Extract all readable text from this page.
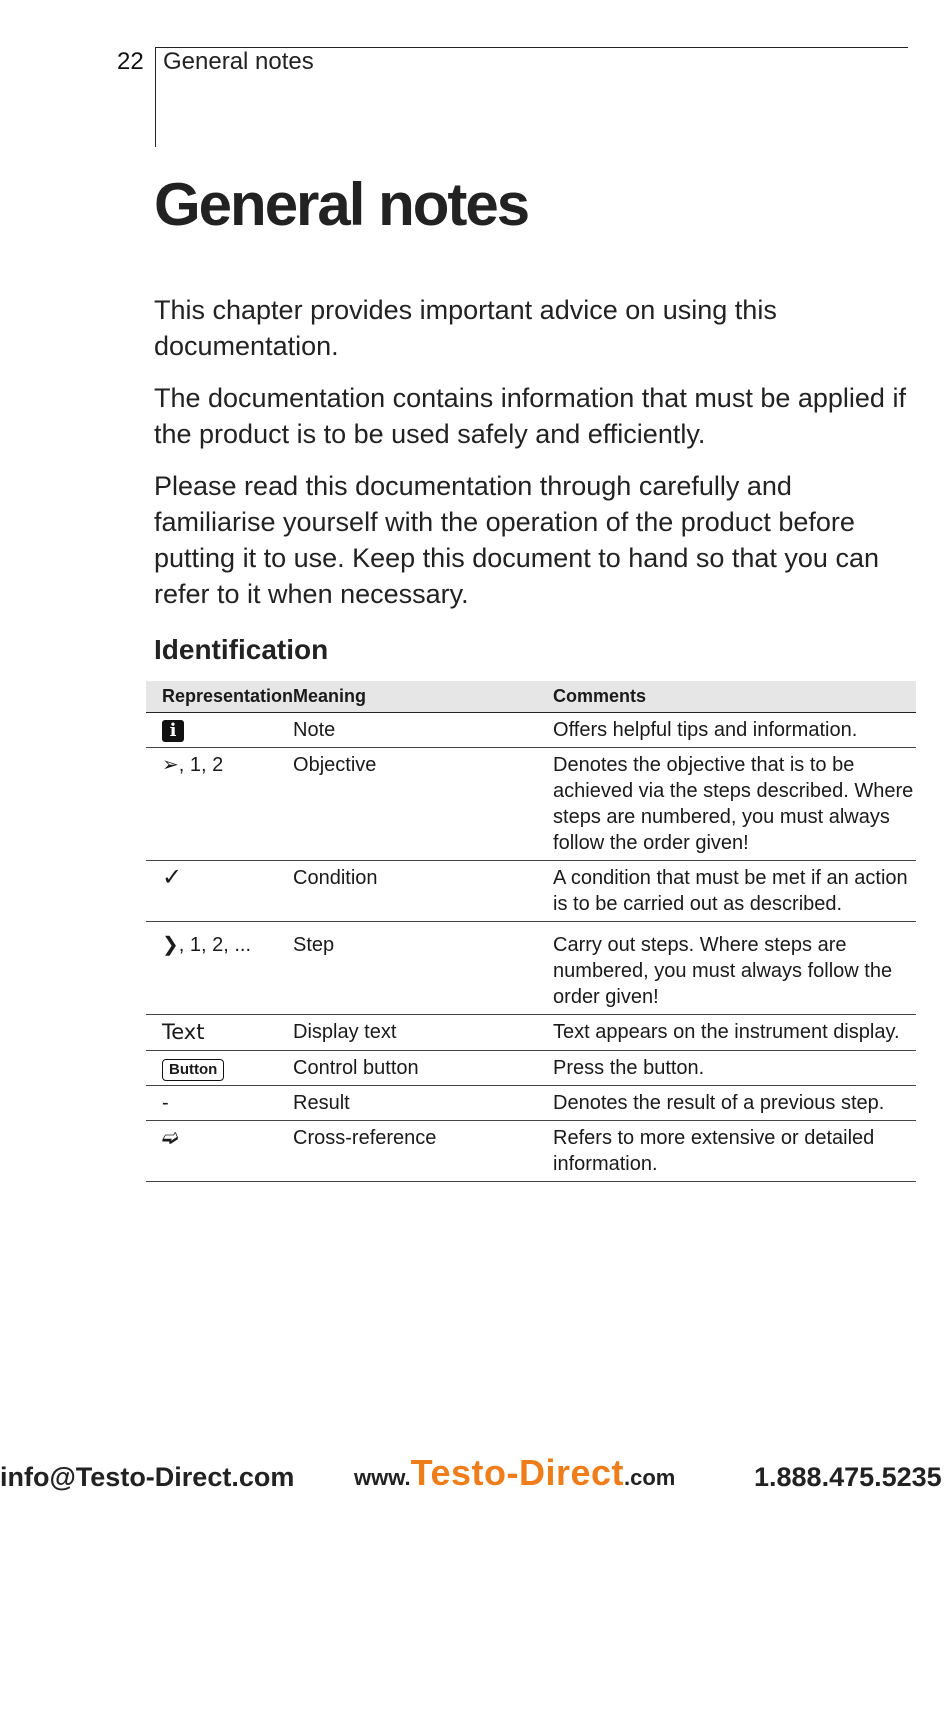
22 General notes
General notes

This chapter provides important advice on using this documentation.

The documentation contains information that must be applied if the product is to be used safely and efficiently.

Please read this documentation through carefully and familiarise yourself with the operation of the product before putting it to use. Keep this document to hand so that you can refer to it when necessary.

Identification
Representation	Meaning	Comments
i	Note	Offers helpful tips and information.
➢, 1, 2	Objective	Denotes the objective that is to be achieved via the steps described. Where steps are numbered, you must always follow the order given!
✓	Condition	A condition that must be met if an action is to be carried out as described.
❯, 1, 2, ...	Step	Carry out steps. Where steps are numbered, you must always follow the order given!
Text	Display text	Text appears on the instrument display.
Button	Control button	Press the button.
-	Result	Denotes the result of a previous step.
➫	Cross-reference	Refers to more extensive or detailed information.
info@Testo-Direct.com	www.Testo-Direct.com	1.888.475.5235
